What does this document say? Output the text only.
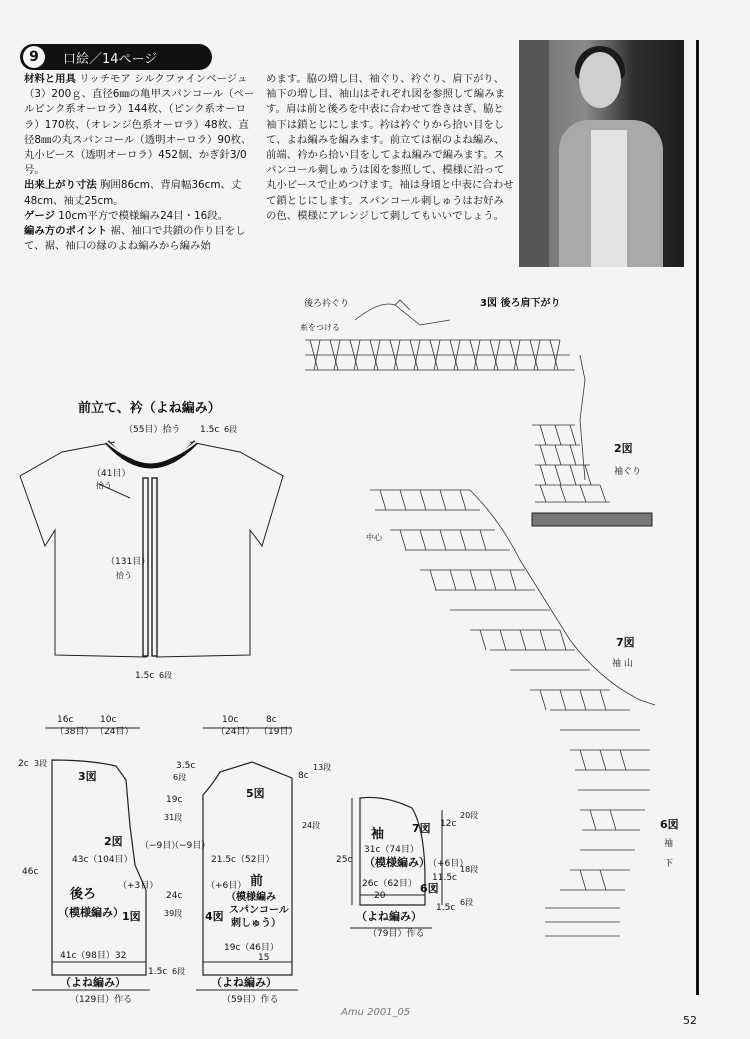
9	口絵／14ページ
材料と用具 リッチモア シルクファインベージュ（3）200ｇ、直径6㎜の亀甲スパンコール（ペールピンク系オーロラ）144枚、（ピンク系オーロラ）170枚、（オレンジ色系オーロラ）48枚、直径8㎜の丸スパンコール（透明オーロラ）90枚、丸小ビース（透明オーロラ）452個、かぎ針3/0号。
出来上がり寸法 胸囲86cm、背肩幅36cm、丈48cm、袖丈25cm。
ゲージ 10cm平方で模様編み24目・16段。
編み方のポイント 裾、袖口で共鎖の作り目をして、裾、袖口の縁のよね編みから編み始
めます。脇の増し目、袖ぐり、衿ぐり、肩下がり、袖下の増し目、袖山はそれぞれ図を参照して編みます。肩は前と後ろを中表に合わせて巻きはぎ、脇と袖下は鎖とじにします。衿は衿ぐりから拾い目をして、よね編みを編みます。前立ては裾のよね編み、前端、衿から拾い目をしてよね編みで編みます。スパンコール刺しゅうは図を参照して、模様に沿って丸小ビースで止めつけます。袖は身頃と中表に合わせて鎖とじにします。スパンコール刺しゅうはお好みの色、模様にアレンジして刺してもいいでしょう。
前立て、衿（よね編み）
（55目）拾う 1.5c 6段
（41目）
拾う
（131目）
拾う
1.5c 6段
16c
（38目）
10c
（24目）
2c 3段
3図
2図 （−9目）
43c（104目）
（+3目）
46c
後ろ
（模様編み）
1図
41c（98目）32
（よね編み）
（129目）作る
1.5c 6段
10c
（24目）
8c
（19目）
3.5c
6段
19c
31段
（−9目）
5図
8c
13段
24段
21.5c（52目）
（+6目）
24c
39段
前
（模様編み
スパンコール
刺しゅう）
4図
19c（46目）
15
（よね編み）
（59目）作る
袖
（模様編み）
31c（74目）
26c（62目）
20
25c
7図
6図
12c
20段
（+6目）
11.5c
18段
1.5c
6段
（よね編み）
（79目）作る
3図 後ろ肩下がり
後ろ衿ぐり
糸をつける
2図
袖ぐり
中心
7図
袖 山
6図
袖
下
Amu 2001_05
52
